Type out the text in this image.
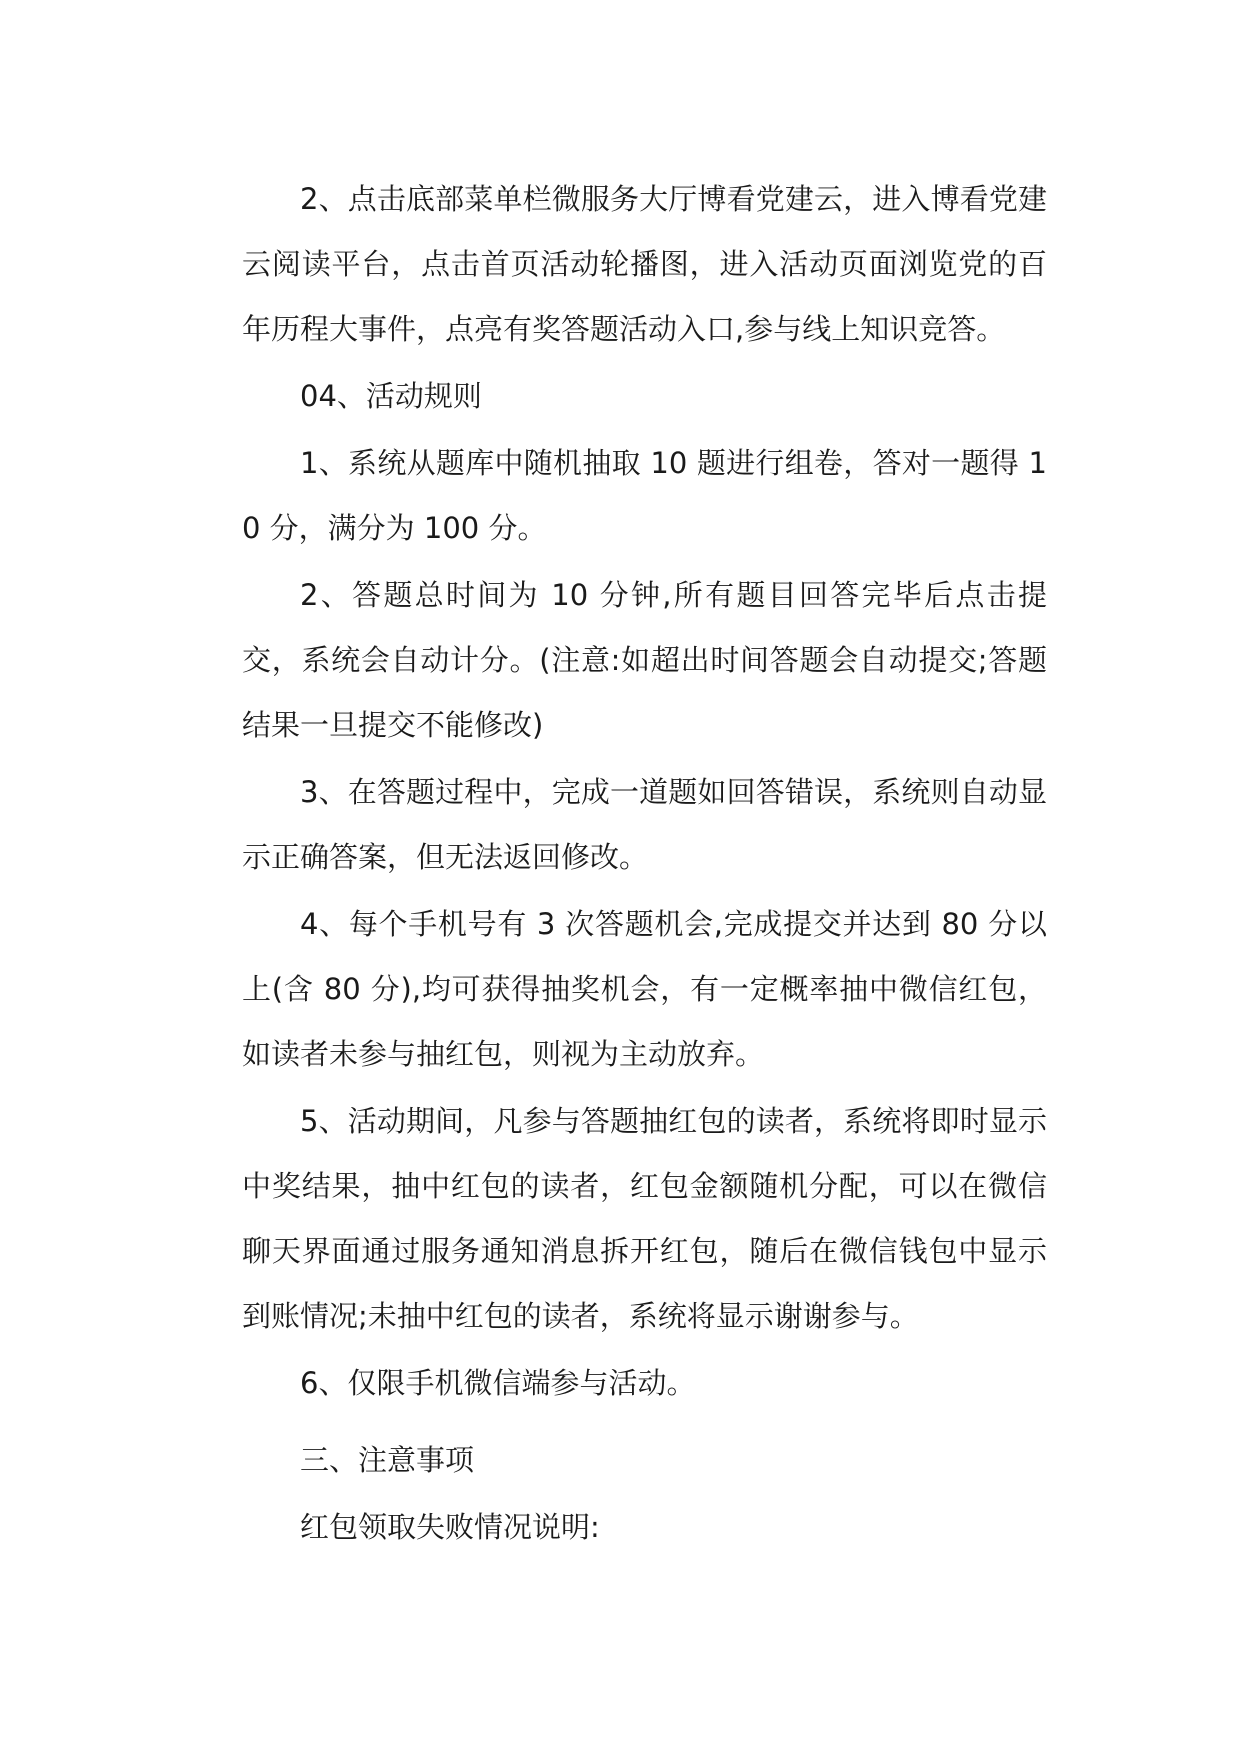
2、点击底部菜单栏微服务大厅博看党建云，进入博看党建云阅读平台，点击首页活动轮播图，进入活动页面浏览党的百年历程大事件，点亮有奖答题活动入口,参与线上知识竞答。

04、活动规则

1、系统从题库中随机抽取 10 题进行组卷，答对一题得 10 分，满分为 100 分。

2、答题总时间为 10 分钟,所有题目回答完毕后点击提交，系统会自动计分。(注意:如超出时间答题会自动提交;答题结果一旦提交不能修改)

3、在答题过程中，完成一道题如回答错误，系统则自动显示正确答案，但无法返回修改。

4、每个手机号有 3 次答题机会,完成提交并达到 80 分以上(含 80 分),均可获得抽奖机会，有一定概率抽中微信红包，如读者未参与抽红包，则视为主动放弃。

5、活动期间，凡参与答题抽红包的读者，系统将即时显示中奖结果，抽中红包的读者，红包金额随机分配，可以在微信聊天界面通过服务通知消息拆开红包，随后在微信钱包中显示到账情况;未抽中红包的读者，系统将显示谢谢参与。

6、仅限手机微信端参与活动。

三、注意事项

红包领取失败情况说明:
